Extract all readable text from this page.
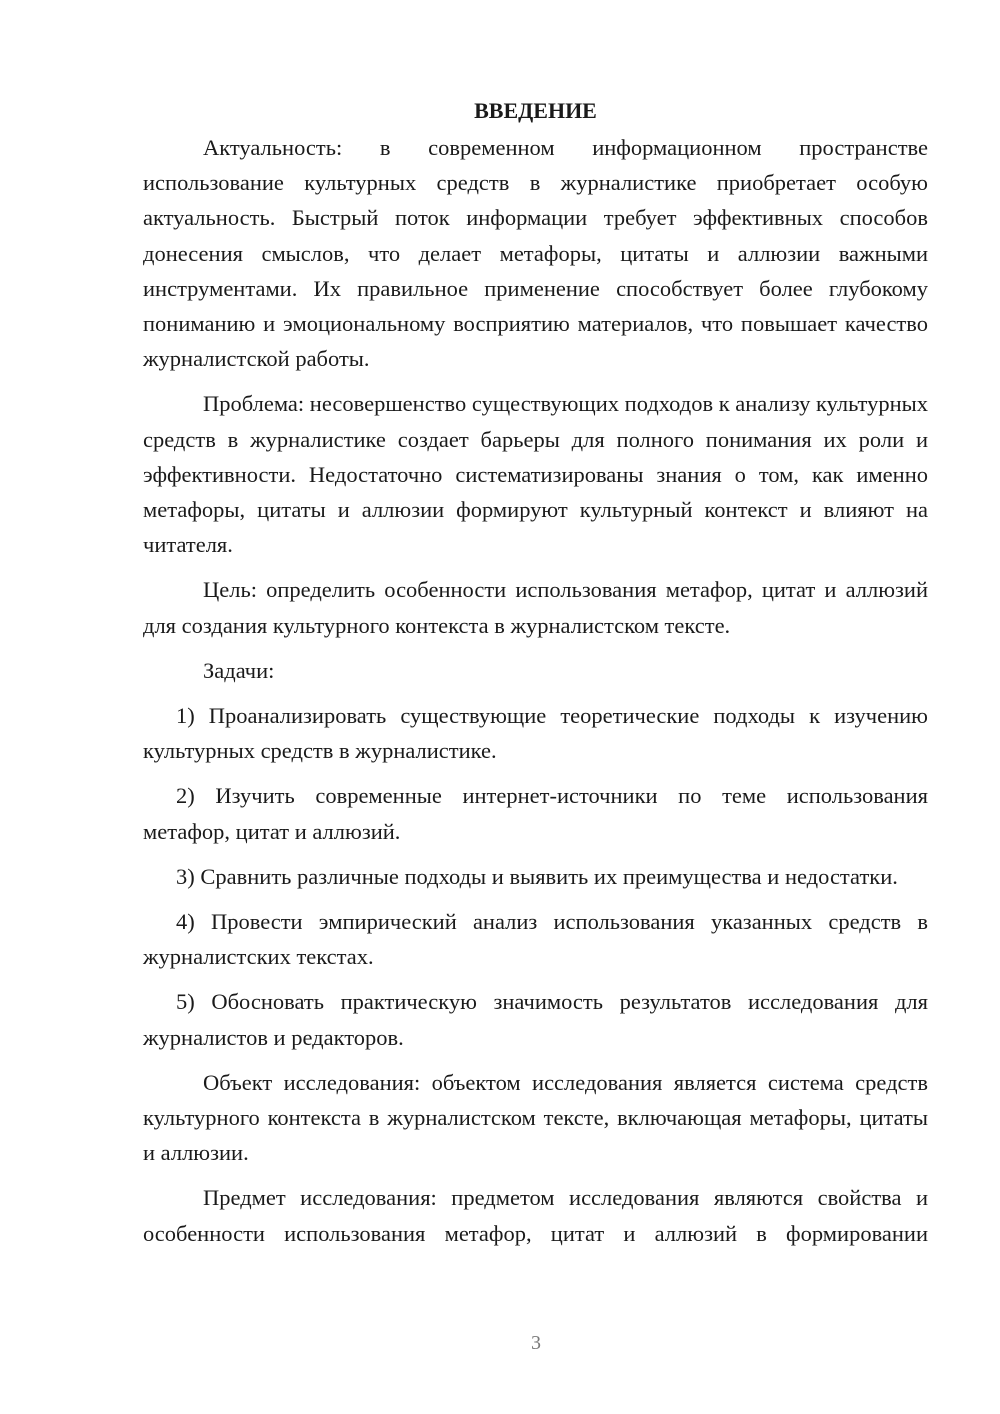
ВВЕДЕНИЕ

Актуальность: в современном информационном пространстве использование культурных средств в журналистике приобретает особую актуальность. Быстрый поток информации требует эффективных способов донесения смыслов, что делает метафоры, цитаты и аллюзии важными инструментами. Их правильное применение способствует более глубокому пониманию и эмоциональному восприятию материалов, что повышает качество журналистской работы.

Проблема: несовершенство существующих подходов к анализу культурных средств в журналистике создает барьеры для полного понимания их роли и эффективности. Недостаточно систематизированы знания о том, как именно метафоры, цитаты и аллюзии формируют культурный контекст и влияют на читателя.

Цель: определить особенности использования метафор, цитат и аллюзий для создания культурного контекста в журналистском тексте.

Задачи:

1) Проанализировать существующие теоретические подходы к изучению культурных средств в журналистике.

2) Изучить современные интернет-источники по теме использования метафор, цитат и аллюзий.

3) Сравнить различные подходы и выявить их преимущества и недостатки.

4) Провести эмпирический анализ использования указанных средств в журналистских текстах.

5) Обосновать практическую значимость результатов исследования для журналистов и редакторов.

Объект исследования: объектом исследования является система средств культурного контекста в журналистском тексте, включающая метафоры, цитаты и аллюзии.

Предмет исследования: предметом исследования являются свойства и особенности использования метафор, цитат и аллюзий в формировании

3
